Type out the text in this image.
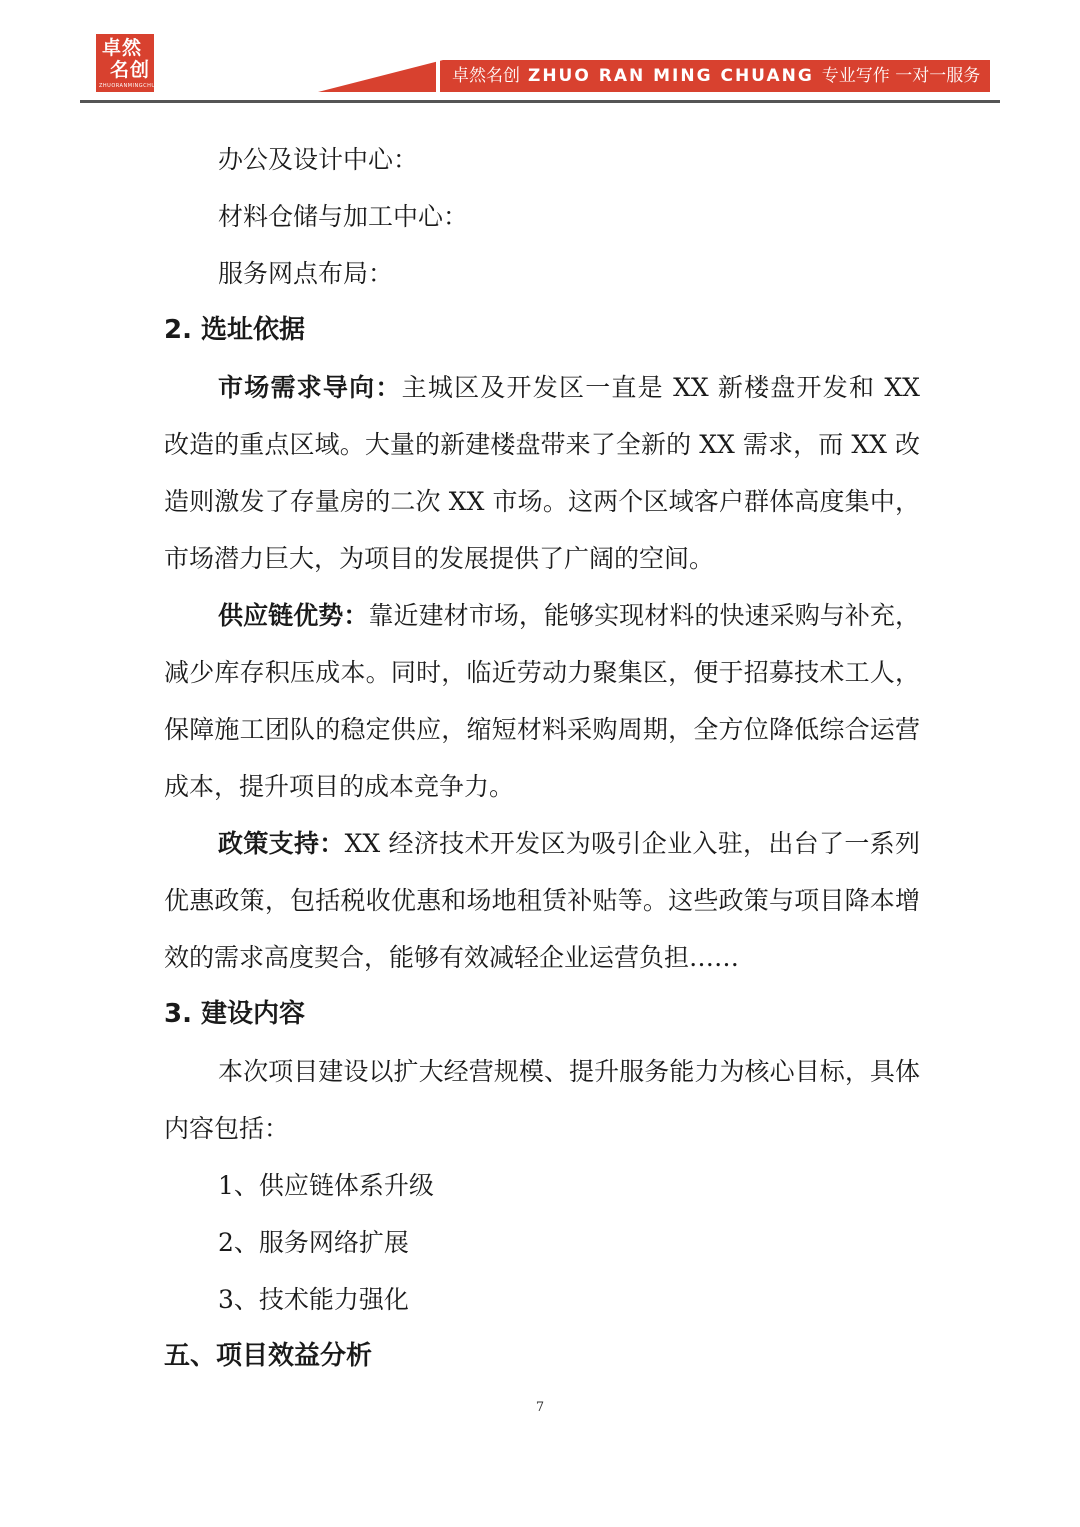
卓然
名创
ZHUORANMINGCHUANG	卓然名创 ZHUO RAN MING CHUANG 专业写作 一对一服务

办公及设计中心：

材料仓储与加工中心：

服务网点布局：

2. 选址依据

市场需求导向：主城区及开发区一直是 XX 新楼盘开发和 XX 改造的重点区域。大量的新建楼盘带来了全新的 XX 需求，而 XX 改造则激发了存量房的二次 XX 市场。这两个区域客户群体高度集中，市场潜力巨大，为项目的发展提供了广阔的空间。

供应链优势：靠近建材市场，能够实现材料的快速采购与补充，减少库存积压成本。同时，临近劳动力聚集区，便于招募技术工人，保障施工团队的稳定供应，缩短材料采购周期，全方位降低综合运营成本，提升项目的成本竞争力。

政策支持：XX 经济技术开发区为吸引企业入驻，出台了一系列优惠政策，包括税收优惠和场地租赁补贴等。这些政策与项目降本增效的需求高度契合，能够有效减轻企业运营负担……

3. 建设内容

本次项目建设以扩大经营规模、提升服务能力为核心目标，具体内容包括：

1、供应链体系升级

2、服务网络扩展

3、技术能力强化

五、项目效益分析

7
